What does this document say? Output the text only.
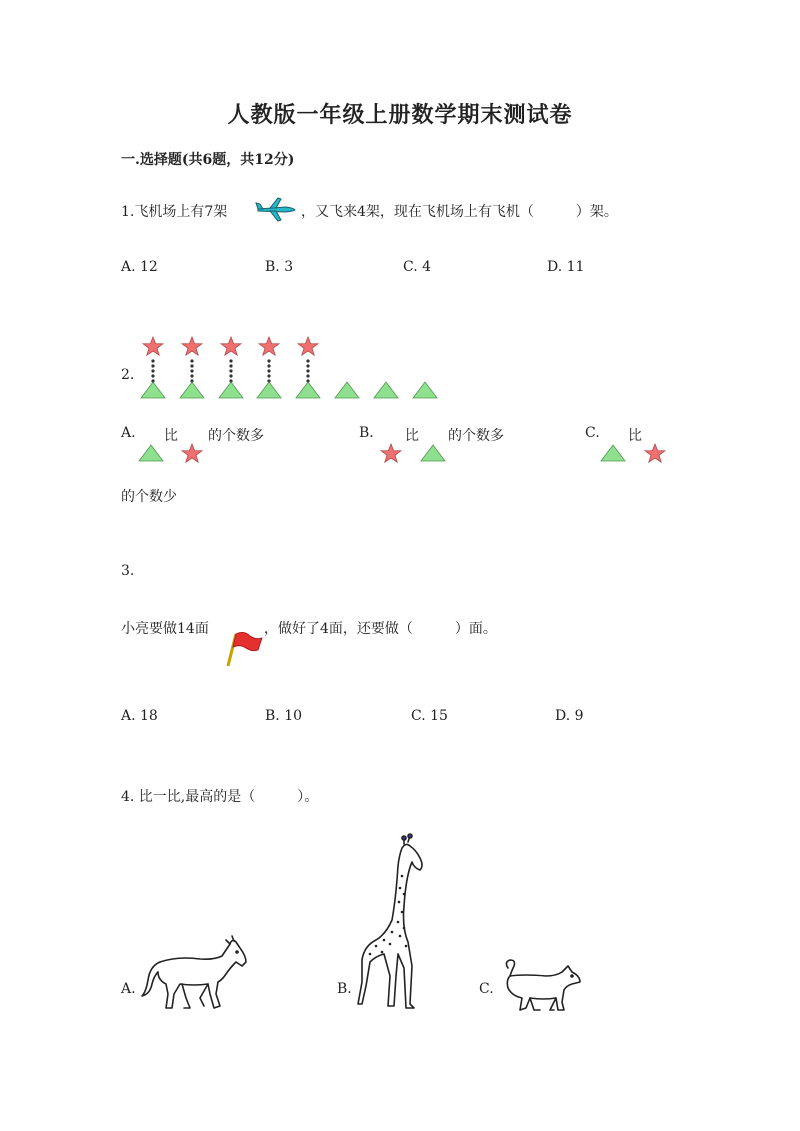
人教版一年级上册数学期末测试卷
一.选择题(共6题，共12分)
1.飞机场上有7架	，又飞来4架，现在飞机场上有飞机（　　　）架。
A. 12	B. 3	C. 4	D. 11
2.
A. 比 的个数多	B. 比 的个数多	C. 比
的个数少
3.
小亮要做14面	，做好了4面，还要做（　　　）面。
A. 18	B. 10	C. 15	D. 9
4. 比一比,最高的是（　　　）。
A.	B.	C.
